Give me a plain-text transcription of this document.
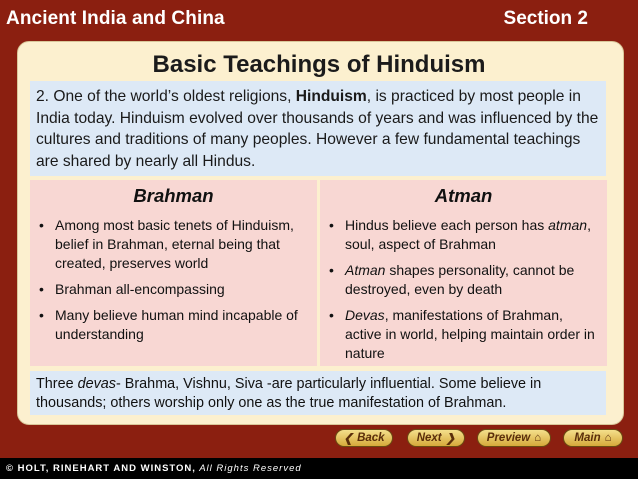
Ancient India and China	Section 2
Basic Teachings of Hinduism
2. One of the world’s oldest religions, Hinduism, is practiced by most people in India today. Hinduism evolved over thousands of years and was influenced by the cultures and traditions of many peoples. However a few fundamental teachings are shared by nearly all Hindus.
Brahman
• Among most basic tenets of Hinduism, belief in Brahman, eternal being that created, preserves world
• Brahman all-encompassing
• Many believe human mind incapable of understanding
Atman
• Hindus believe each person has atman, soul, aspect of Brahman
• Atman shapes personality, cannot be destroyed, even by death
• Devas, manifestations of Brahman, active in world, helping maintain order in nature
Three devas- Brahma, Vishnu, Siva -are particularly influential. Some believe in thousands; others worship only one as the true manifestation of Brahman.
❮ Back	Next ❯	Preview ⌂	Main ⌂
© HOLT, RINEHART AND WINSTON, All Rights Reserved
